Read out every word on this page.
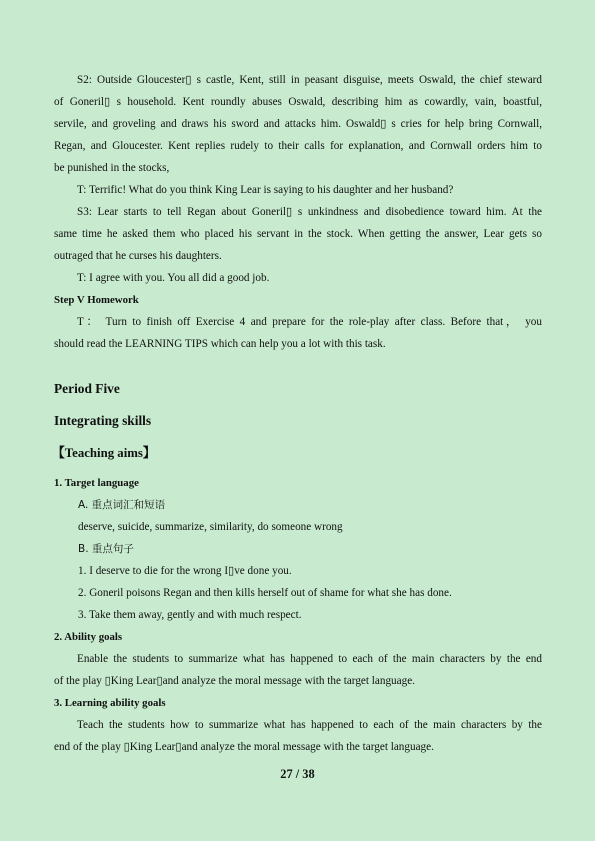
S2: Outside Gloucester▯ s castle, Kent, still in peasant disguise, meets Oswald, the chief steward
of Goneril▯ s household. Kent roundly abuses Oswald, describing him as cowardly, vain, boastful,
servile, and groveling and draws his sword and attacks him. Oswald▯ s cries for help bring Cornwall,
Regan, and Gloucester. Kent replies rudely to their calls for explanation, and Cornwall orders him to
be punished in the stocks,
T: Terrific! What do you think King Lear is saying to his daughter and her husband?
S3: Lear starts to tell Regan about Goneril▯ s unkindness and disobedience toward him. At the
same time he asked them who placed his servant in the stock. When getting the answer, Lear gets so
outraged that he curses his daughters.
T: I agree with you. You all did a good job.
Step V Homework
T： Turn to finish off Exercise 4 and prepare for the role-play after class. Before that， you
should read the LEARNING TIPS which can help you a lot with this task.
Period Five
Integrating skills
【Teaching aims】
1. Target language
A. 重点词汇和短语
deserve, suicide, summarize, similarity, do someone wrong
B. 重点句子
1. I deserve to die for the wrong I▯ve done you.
2. Goneril poisons Regan and then kills herself out of shame for what she has done.
3. Take them away, gently and with much respect.
2. Ability goals
Enable the students to summarize what has happened to each of the main characters by the end
of the play ▯King Lear▯and analyze the moral message with the target language.
3. Learning ability goals
Teach the students how to summarize what has happened to each of the main characters by the
end of the play ▯King Lear▯and analyze the moral message with the target language.
27 / 38
